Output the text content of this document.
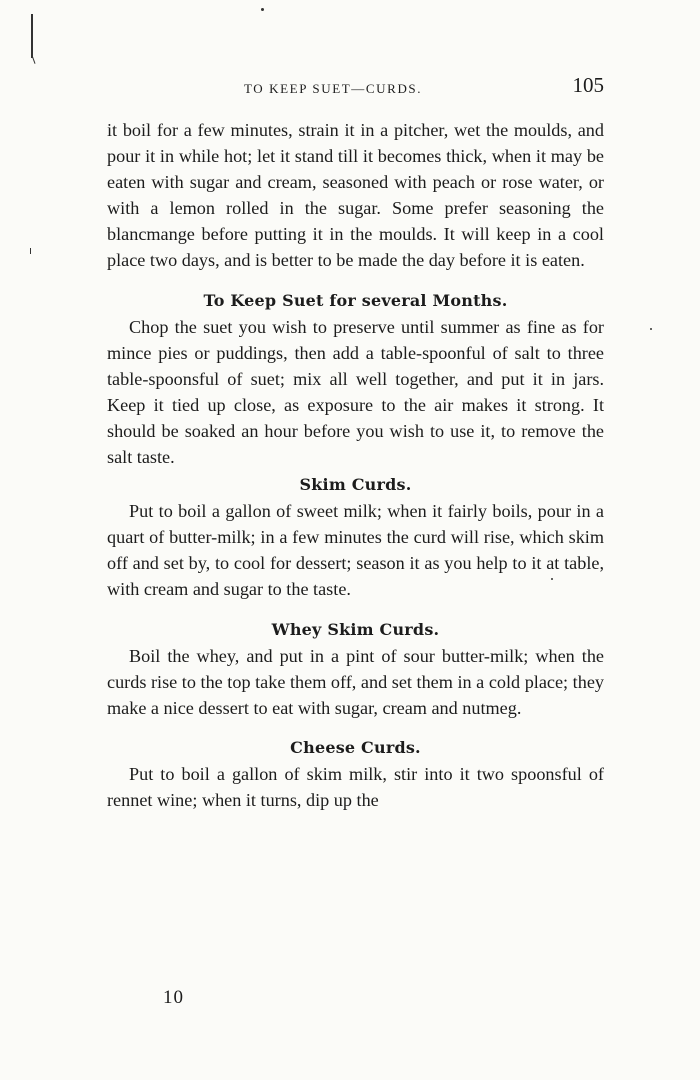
TO KEEP SUET—CURDS.	105

it boil for a few minutes, strain it in a pitcher, wet the moulds, and pour it in while hot; let it stand till it becomes thick, when it may be eaten with sugar and cream, seasoned with peach or rose water, or with a lemon rolled in the sugar. Some prefer seasoning the blancmange before putting it in the moulds. It will keep in a cool place two days, and is better to be made the day before it is eaten.

To Keep Suet for several Months.

Chop the suet you wish to preserve until summer as fine as for mince pies or puddings, then add a table-spoonful of salt to three table-spoonsful of suet; mix all well together, and put it in jars. Keep it tied up close, as exposure to the air makes it strong. It should be soaked an hour before you wish to use it, to remove the salt taste.

Skim Curds.

Put to boil a gallon of sweet milk; when it fairly boils, pour in a quart of butter-milk; in a few minutes the curd will rise, which skim off and set by, to cool for dessert; season it as you help to it at table, with cream and sugar to the taste.

Whey Skim Curds.

Boil the whey, and put in a pint of sour butter-milk; when the curds rise to the top take them off, and set them in a cold place; they make a nice dessert to eat with sugar, cream and nutmeg.

Cheese Curds.

Put to boil a gallon of skim milk, stir into it two spoonsful of rennet wine; when it turns, dip up the

10
